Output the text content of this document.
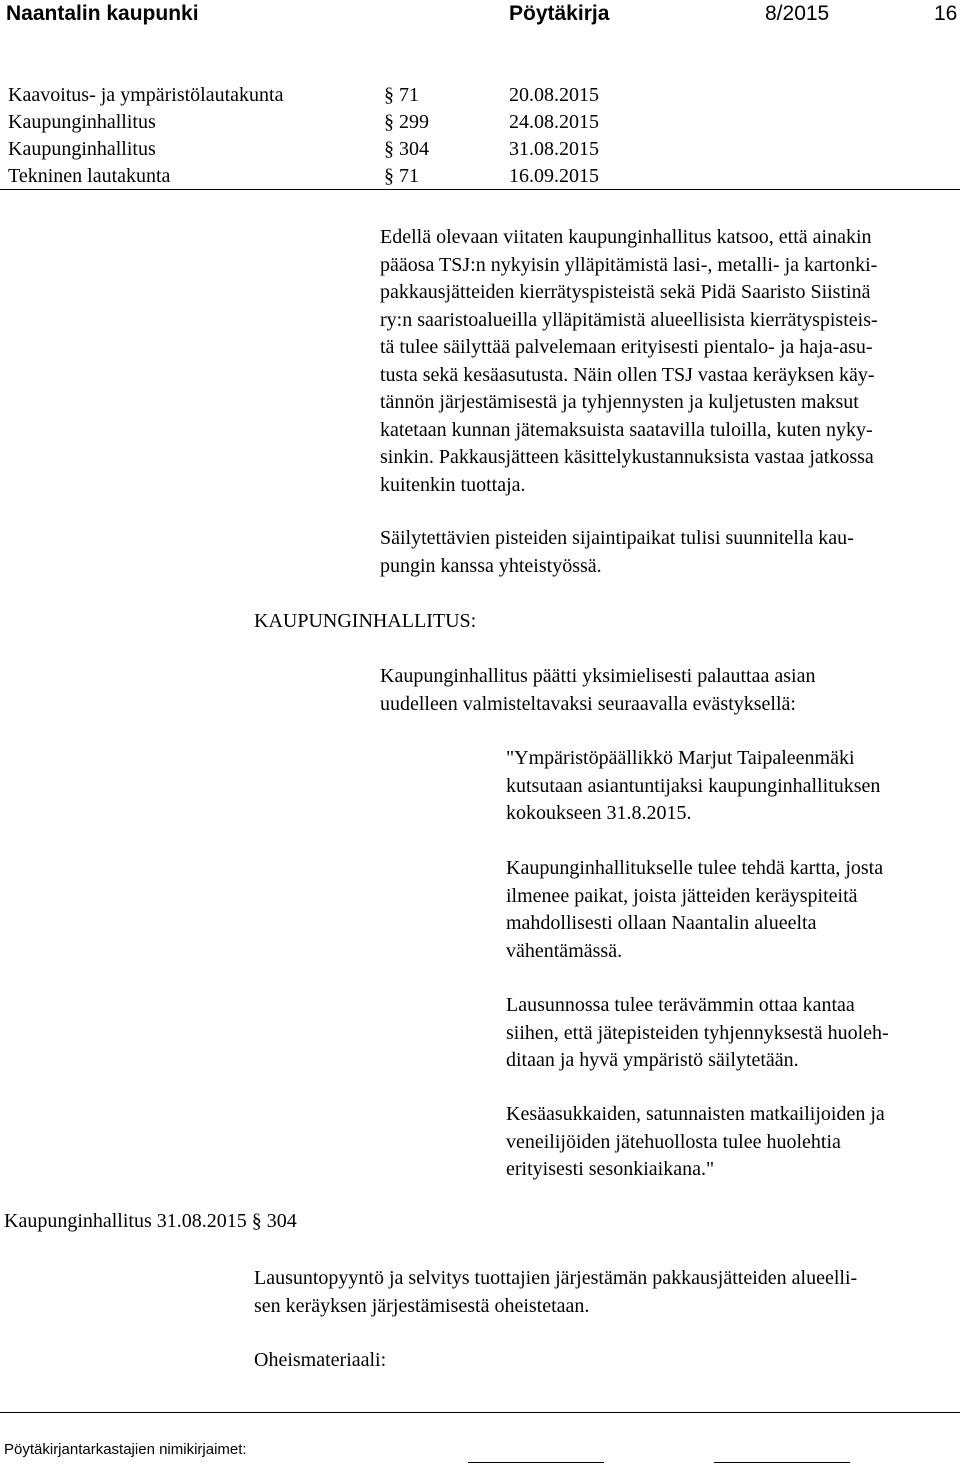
Naantalin kaupunki	Pöytäkirja	8/2015	16
Kaavoitus- ja ympäristölautakunta	§ 71	20.08.2015
Kaupunginhallitus	§ 299	24.08.2015
Kaupunginhallitus	§ 304	31.08.2015
Tekninen lautakunta	§ 71	16.09.2015
Edellä olevaan viitaten kaupunginhallitus katsoo, että ainakin
pääosa TSJ:n nykyisin ylläpitämistä lasi-, metalli- ja kartonki-
pakkausjätteiden kierrätyspisteistä sekä Pidä Saaristo Siistinä
ry:n saaristoalueilla ylläpitämistä alueellisista kierrätyspisteis-
tä tulee säilyttää palvelemaan erityisesti pientalo- ja haja-asu-
tusta sekä kesäasutusta. Näin ollen TSJ vastaa keräyksen käy-
tännön järjestämisestä ja tyhjennysten ja kuljetusten maksut
katetaan kunnan jätemaksuista saatavilla tuloilla, kuten nyky-
sinkin. Pakkausjätteen käsittelykustannuksista vastaa jatkossa
kuitenkin tuottaja.
Säilytettävien pisteiden sijaintipaikat tulisi suunnitella kau-
pungin kanssa yhteistyössä.
KAUPUNGINHALLITUS:
Kaupunginhallitus päätti yksimielisesti palauttaa asian
uudelleen valmisteltavaksi seuraavalla evästyksellä:
"Ympäristöpäällikkö Marjut Taipaleenmäki
kutsutaan asiantuntijaksi kaupunginhallituksen
kokoukseen 31.8.2015.
Kaupunginhallitukselle tulee tehdä kartta, josta
ilmenee paikat, joista jätteiden keräyspiteitä
mahdollisesti ollaan Naantalin alueelta
vähentämässä.
Lausunnossa tulee terävämmin ottaa kantaa
siihen, että jätepisteiden tyhjennyksestä huoleh-
ditaan ja hyvä ympäristö säilytetään.
Kesäasukkaiden, satunnaisten matkailijoiden ja
veneilijöiden jätehuollosta tulee huolehtia
erityisesti sesonkiaikana."
Kaupunginhallitus 31.08.2015 § 304
Lausuntopyyntö ja selvitys tuottajien järjestämän pakkausjätteiden alueelli-
sen keräyksen järjestämisestä oheistetaan.
Oheismateriaali:
Pöytäkirjantarkastajien nimikirjaimet:
